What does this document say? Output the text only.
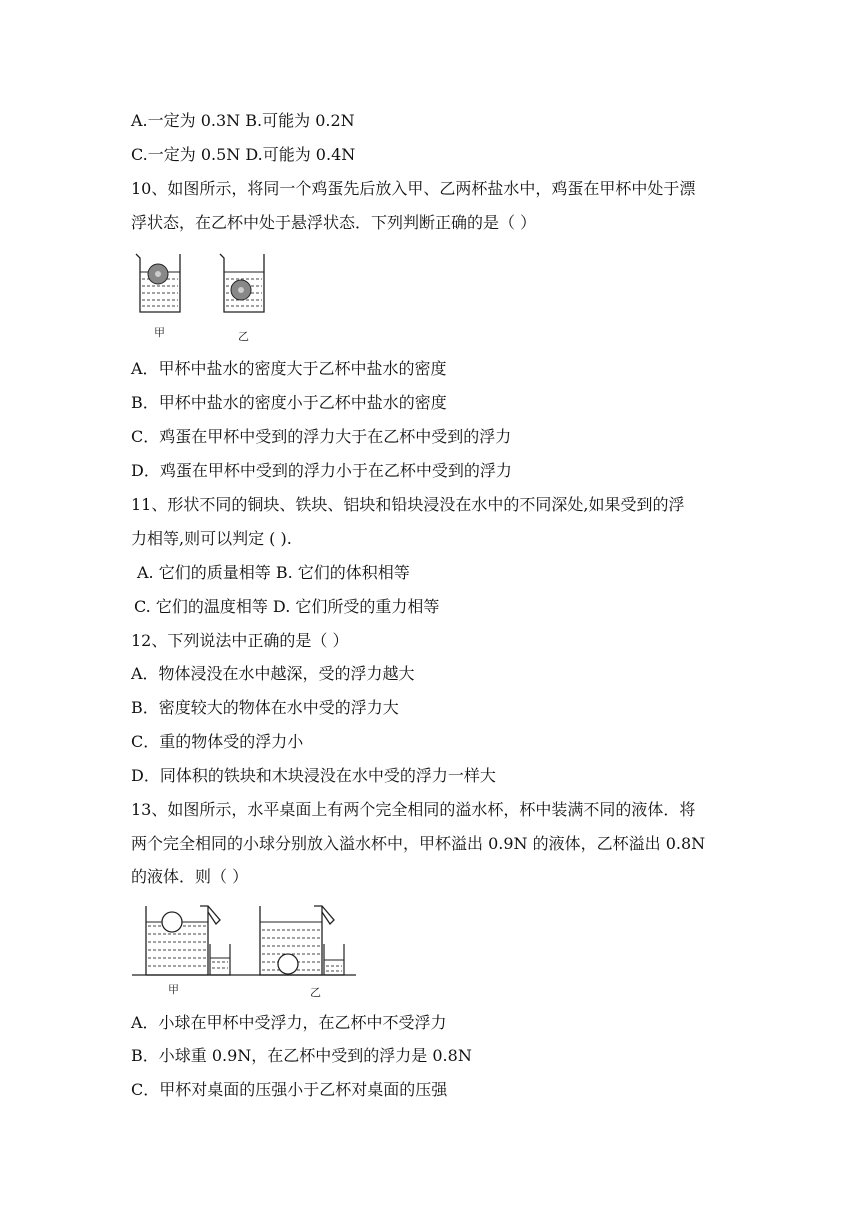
A.一定为 0.3N B.可能为 0.2N
C.一定为 0.5N D.可能为 0.4N
10、如图所示，将同一个鸡蛋先后放入甲、乙两杯盐水中，鸡蛋在甲杯中处于漂
浮状态，在乙杯中处于悬浮状态．下列判断正确的是（ ）
甲	乙
A．甲杯中盐水的密度大于乙杯中盐水的密度
B．甲杯中盐水的密度小于乙杯中盐水的密度
C．鸡蛋在甲杯中受到的浮力大于在乙杯中受到的浮力
D．鸡蛋在甲杯中受到的浮力小于在乙杯中受到的浮力
11、形状不同的铜块、铁块、铝块和铅块浸没在水中的不同深处,如果受到的浮
力相等,则可以判定 ( ).
A. 它们的质量相等 B. 它们的体积相等
C. 它们的温度相等 D. 它们所受的重力相等
12、下列说法中正确的是（ ）
A．物体浸没在水中越深，受的浮力越大
B．密度较大的物体在水中受的浮力大
C．重的物体受的浮力小
D．同体积的铁块和木块浸没在水中受的浮力一样大
13、如图所示，水平桌面上有两个完全相同的溢水杯，杯中装满不同的液体．将
两个完全相同的小球分别放入溢水杯中，甲杯溢出 0.9N 的液体，乙杯溢出 0.8N
的液体．则（ ）
甲	乙
A．小球在甲杯中受浮力，在乙杯中不受浮力
B．小球重 0.9N，在乙杯中受到的浮力是 0.8N
C．甲杯对桌面的压强小于乙杯对桌面的压强
